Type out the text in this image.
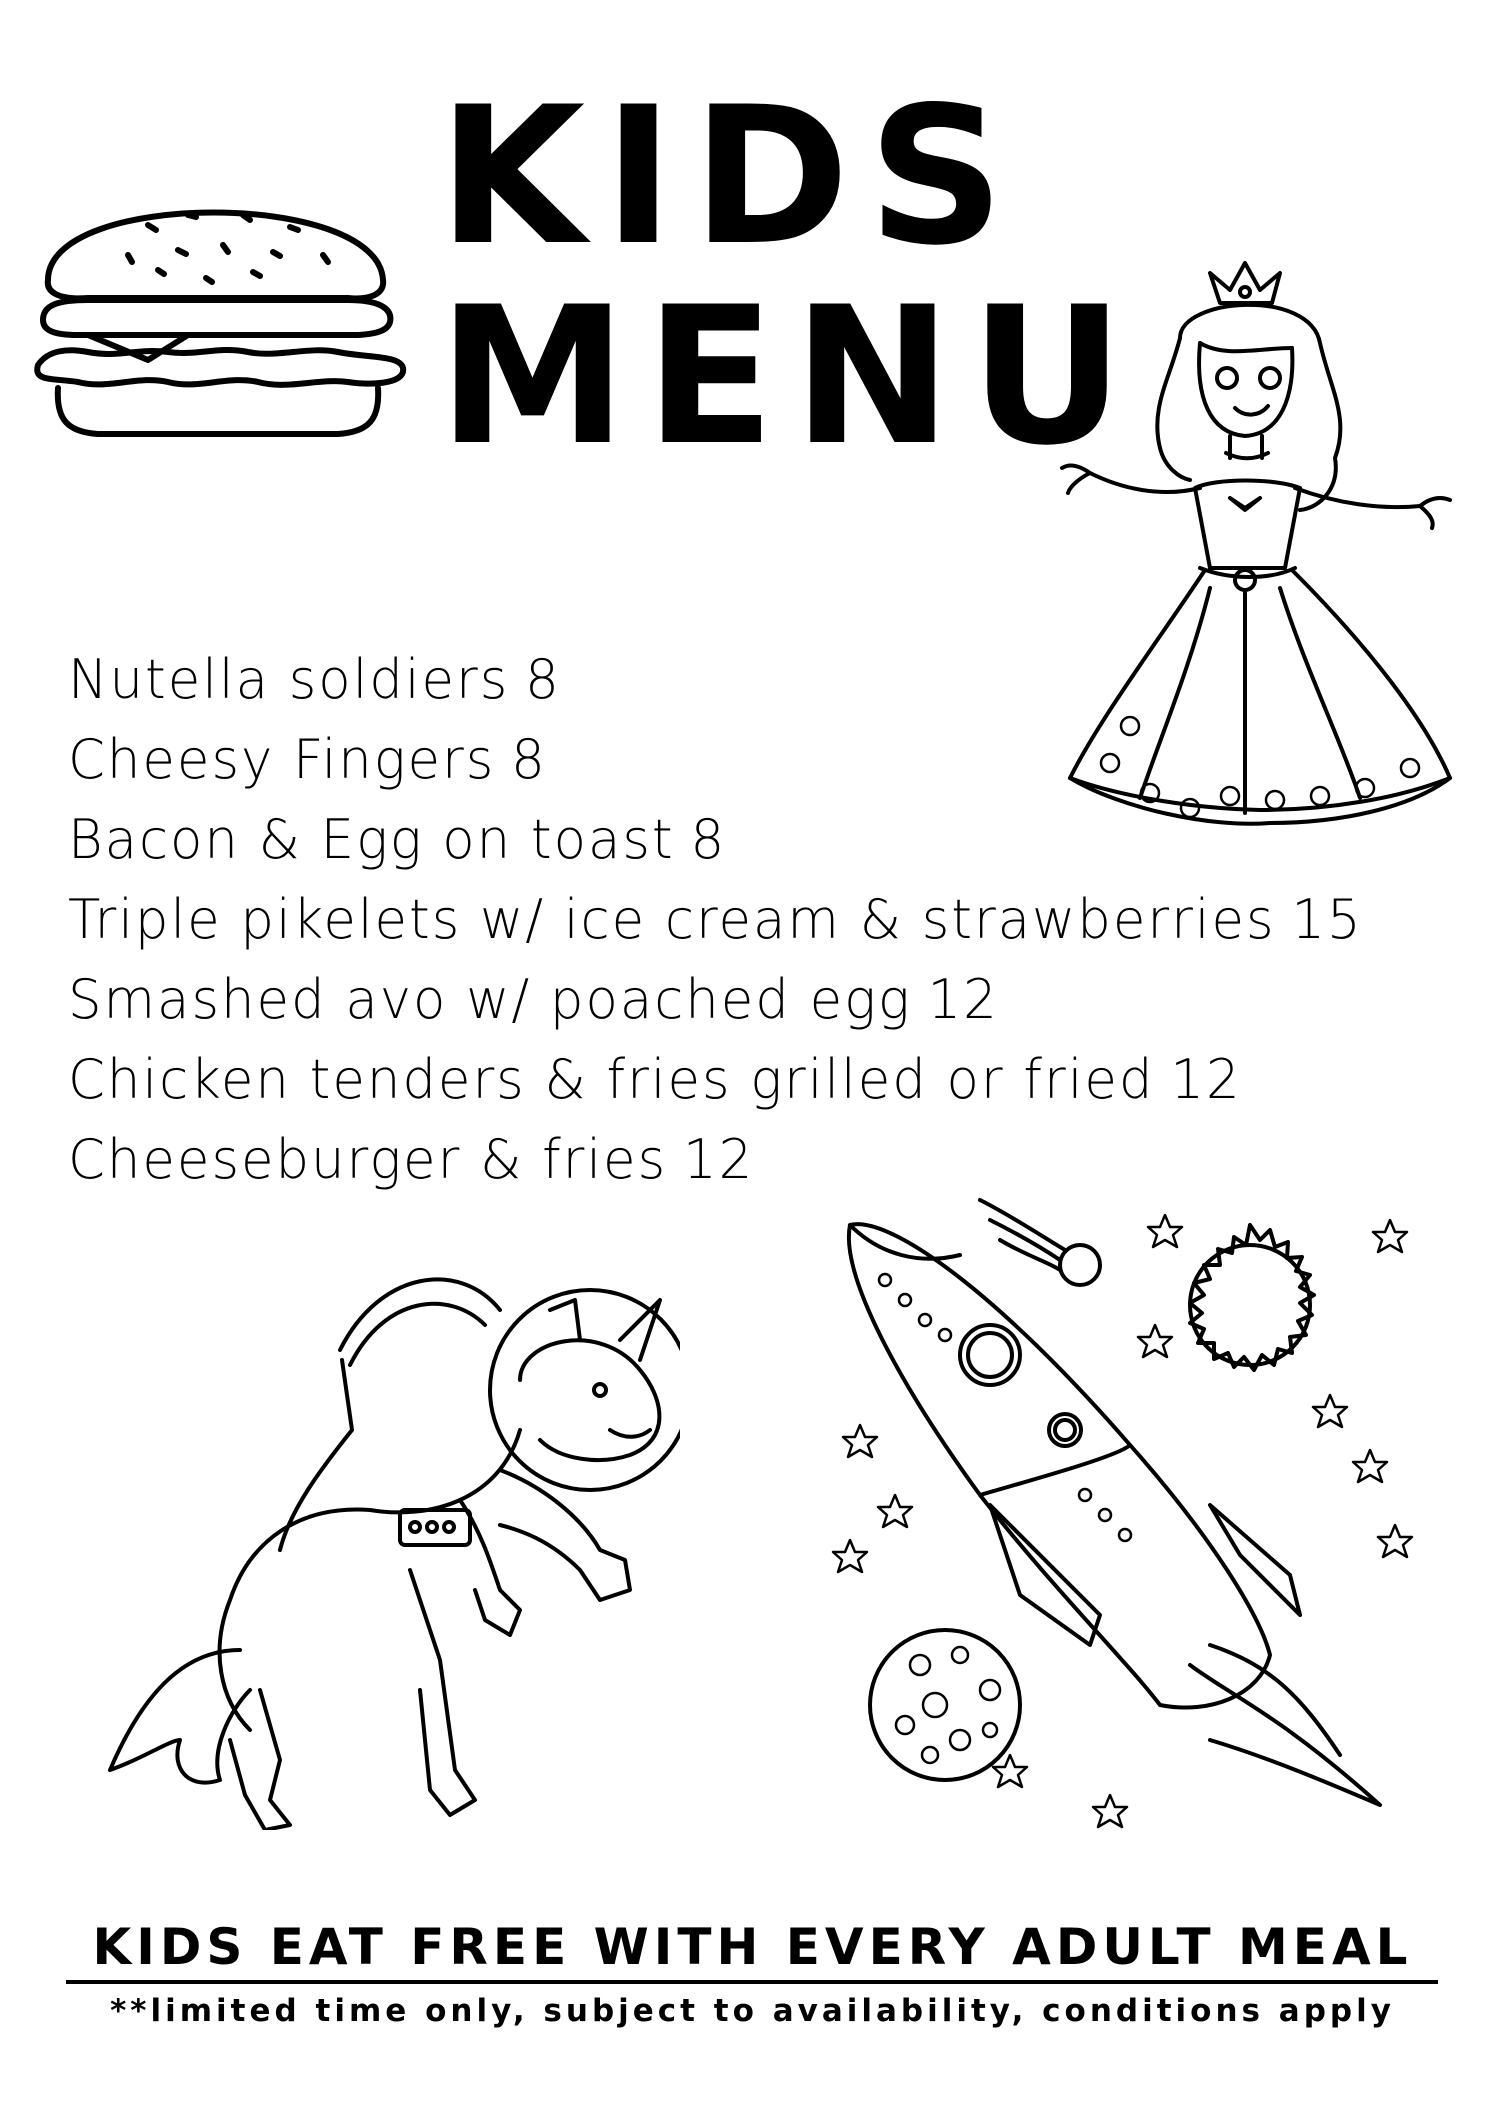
KIDS
MENU
Nutella soldiers 8
Cheesy Fingers 8
Bacon & Egg on toast 8
Triple pikelets w/ ice cream & strawberries 15
Smashed avo w/ poached egg 12
Chicken tenders & fries grilled or fried 12
Cheeseburger & fries 12

KIDS EAT FREE WITH EVERY ADULT MEAL

**limited time only, subject to availability, conditions apply
